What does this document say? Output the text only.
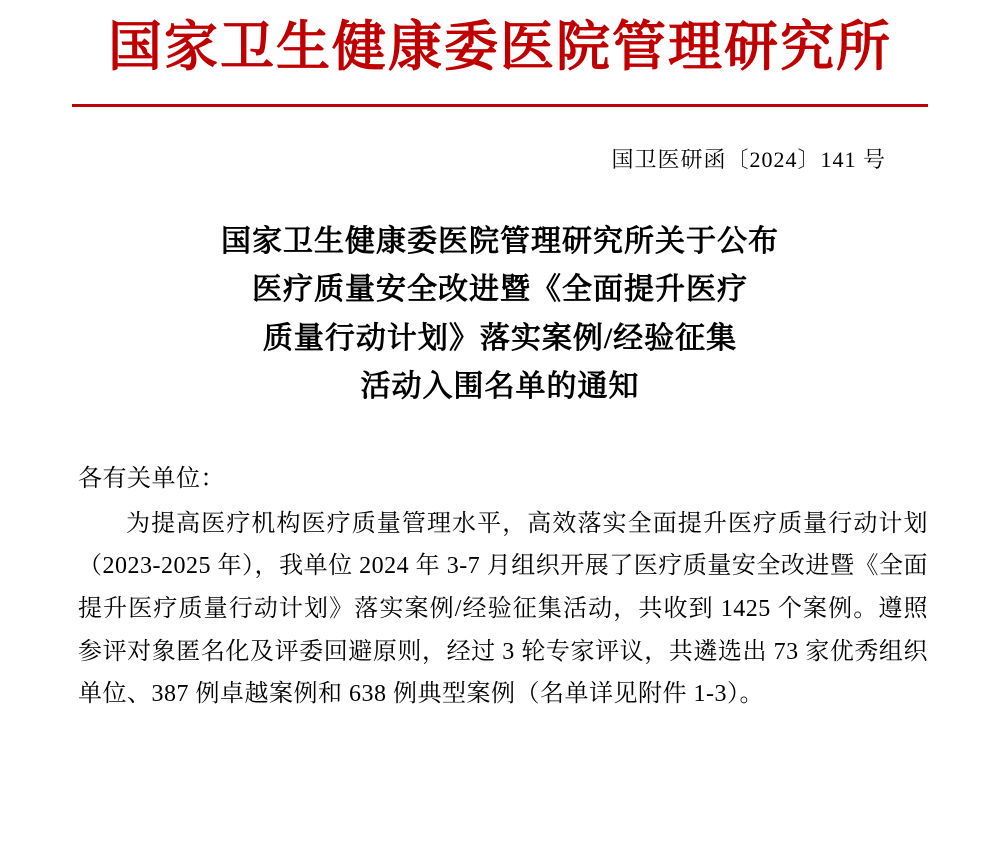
国家卫生健康委医院管理研究所
国卫医研函〔2024〕141 号
国家卫生健康委医院管理研究所关于公布
医疗质量安全改进暨《全面提升医疗
质量行动计划》落实案例/经验征集
活动入围名单的通知

各有关单位：

为提高医疗机构医疗质量管理水平，高效落实全面提升医疗质量行动计划（2023-2025 年），我单位 2024 年 3-7 月组织开展了医疗质量安全改进暨《全面提升医疗质量行动计划》落实案例/经验征集活动，共收到 1425 个案例。遵照参评对象匿名化及评委回避原则，经过 3 轮专家评议，共遴选出 73 家优秀组织单位、387 例卓越案例和 638 例典型案例（名单详见附件 1-3）。
